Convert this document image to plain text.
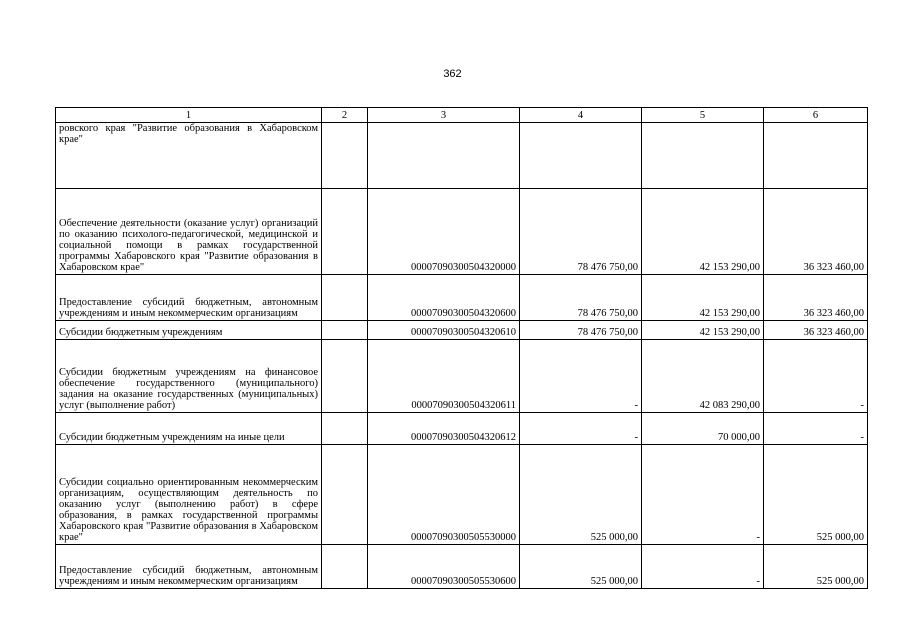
362
1	2	3	4	5	6
ровского края "Развитие образования в Хабаровском крае"					
Обеспечение деятельности (оказание услуг) организаций по оказанию психолого-педагогической, медицинской и социальной помощи в рамках государственной программы Хабаровского края "Развитие образования в Хабаровском крае"		00007090300504320000	78 476 750,00	42 153 290,00	36 323 460,00
Предоставление субсидий бюджетным, автономным учреждениям и иным некоммерческим организациям		00007090300504320600	78 476 750,00	42 153 290,00	36 323 460,00
Субсидии бюджетным учреждениям		00007090300504320610	78 476 750,00	42 153 290,00	36 323 460,00
Субсидии бюджетным учреждениям на финансовое обеспечение государственного (муниципального) задания на оказание государственных (муниципальных) услуг (выполнение работ)		00007090300504320611	-	42 083 290,00	-
Субсидии бюджетным учреждениям на иные цели		00007090300504320612	-	70 000,00	-
Субсидии социально ориентированным некоммерческим организациям, осуществляющим деятельность по оказанию услуг (выполнению работ) в сфере образования, в рамках государственной программы Хабаровского края "Развитие образования в Хабаровском крае"		00007090300505530000	525 000,00	-	525 000,00
Предоставление субсидий бюджетным, автономным учреждениям и иным некоммерческим организациям		00007090300505530600	525 000,00	-	525 000,00
